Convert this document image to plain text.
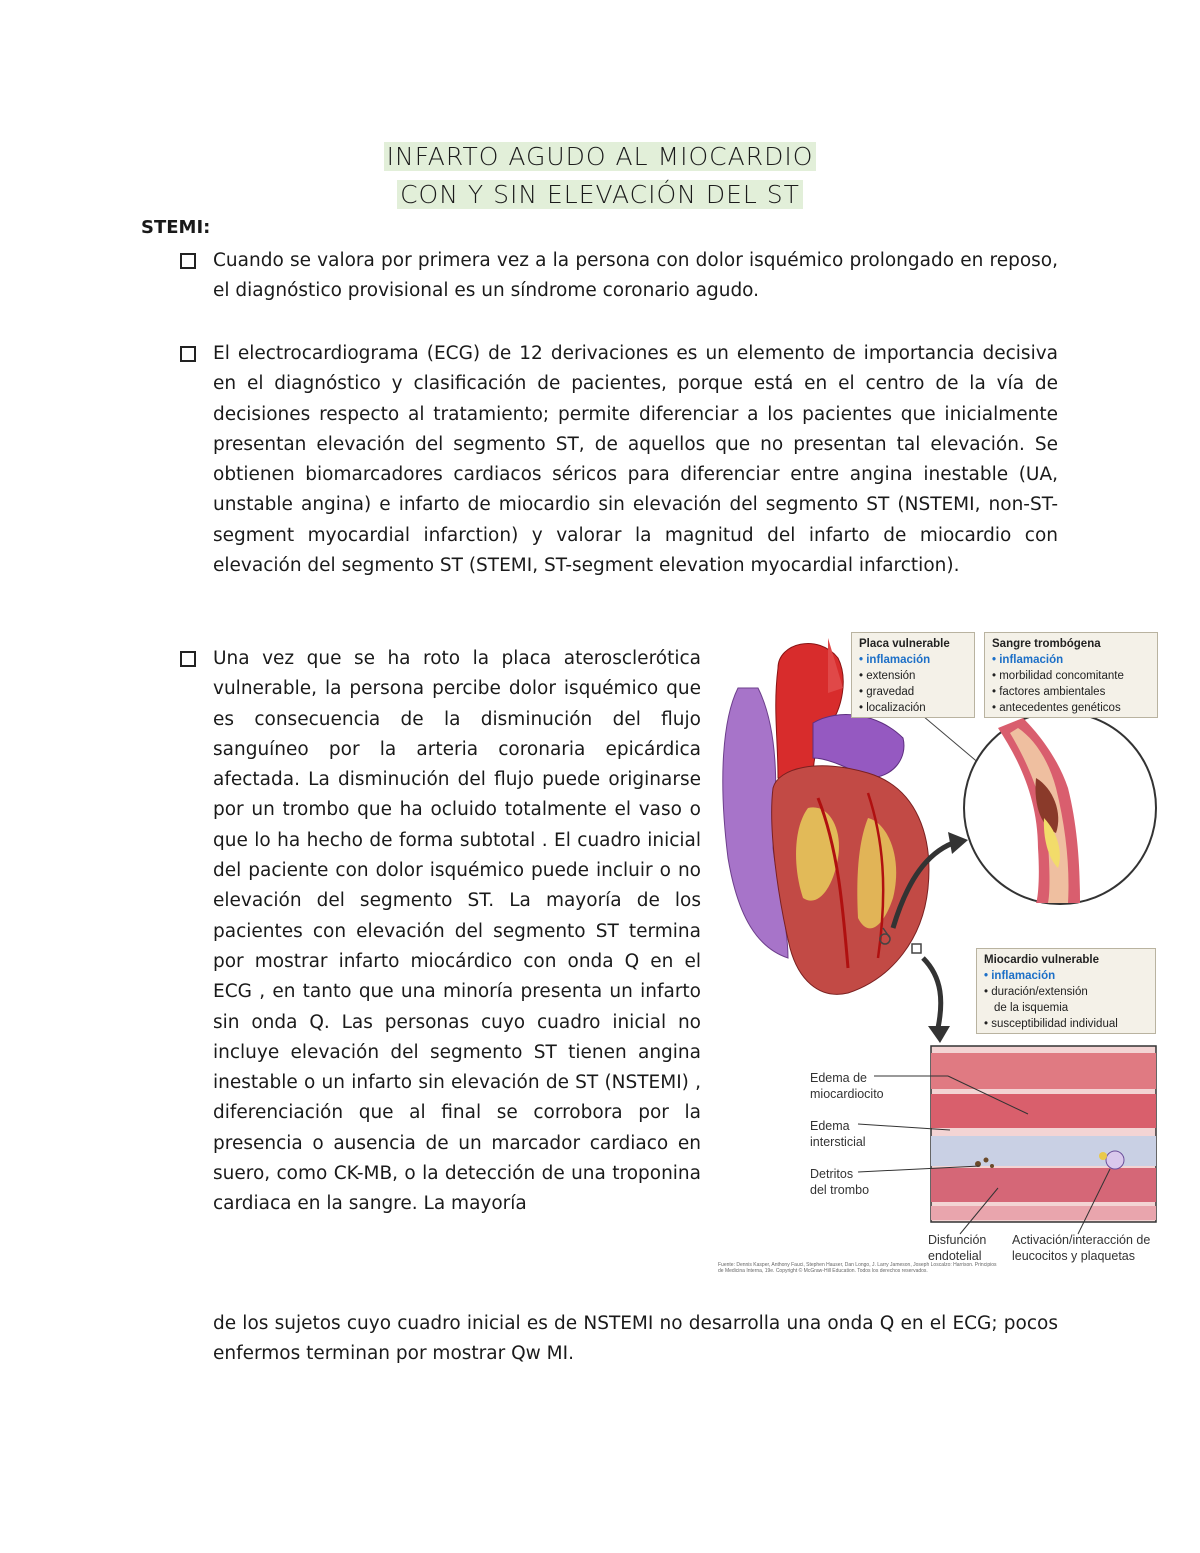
INFARTO AGUDO AL MIOCARDIO
CON Y SIN ELEVACIÓN DEL ST
STEMI:

Cuando se valora por primera vez a la persona con dolor isquémico prolongado en reposo, el diagnóstico provisional es un síndrome coronario agudo.

El electrocardiograma (ECG) de 12 derivaciones es un elemento de importancia decisiva en el diagnóstico y clasificación de pacientes, porque está en el centro de la vía de decisiones respecto al tratamiento; permite diferenciar a los pacientes que inicialmente presentan elevación del segmento ST, de aquellos que no presentan tal elevación. Se obtienen biomarcadores cardiacos séricos para diferenciar entre angina inestable (UA, unstable angina) e infarto de miocardio sin elevación del segmento ST (NSTEMI, non-ST-segment myocardial infarction) y valorar la magnitud del infarto de miocardio con elevación del segmento ST (STEMI, ST-segment elevation myocardial infarction).

Una vez que se ha roto la placa aterosclerótica vulnerable, la persona percibe dolor isquémico que es consecuencia de la disminución del flujo sanguíneo por la arteria coronaria epicárdica afectada. La disminución del flujo puede originarse por un trombo que ha ocluido totalmente el vaso o que lo ha hecho de forma subtotal . El cuadro inicial del paciente con dolor isquémico puede incluir o no elevación del segmento ST. La mayoría de los pacientes con elevación del segmento ST termina por mostrar infarto miocárdico con onda Q en el ECG , en tanto que una minoría presenta un infarto sin onda Q. Las personas cuyo cuadro inicial no incluye elevación del segmento ST tienen angina inestable o un infarto sin elevación de ST (NSTEMI) , diferenciación que al final se corrobora por la presencia o ausencia de un marcador cardiaco en suero, como CK-MB, o la detección de una troponina cardiaca en la sangre. La mayoría

de los sujetos cuyo cuadro inicial es de NSTEMI no desarrolla una onda Q en el ECG; pocos enfermos terminan por mostrar Qw MI.

Placa vulnerable
• inflamación
• extensión
• gravedad
• localización
Sangre trombógena
• inflamación
• morbilidad concomitante
• factores ambientales
• antecedentes genéticos
Miocardio vulnerable
• inflamación
• duración/extensión
de la isquemia
• susceptibilidad individual
Edema de
miocardiocito
Edema
intersticial
Detritos
del trombo
Disfunción
endotelial
Activación/interacción de
leucocitos y plaquetas
Fuente: Dennis Kasper, Anthony Fauci, Stephen Hauser, Dan Longo, J. Larry Jameson, Joseph Loscalzo: Harrison. Principios de Medicina Interna, 19e. Copyright © McGraw-Hill Education. Todos los derechos reservados.
